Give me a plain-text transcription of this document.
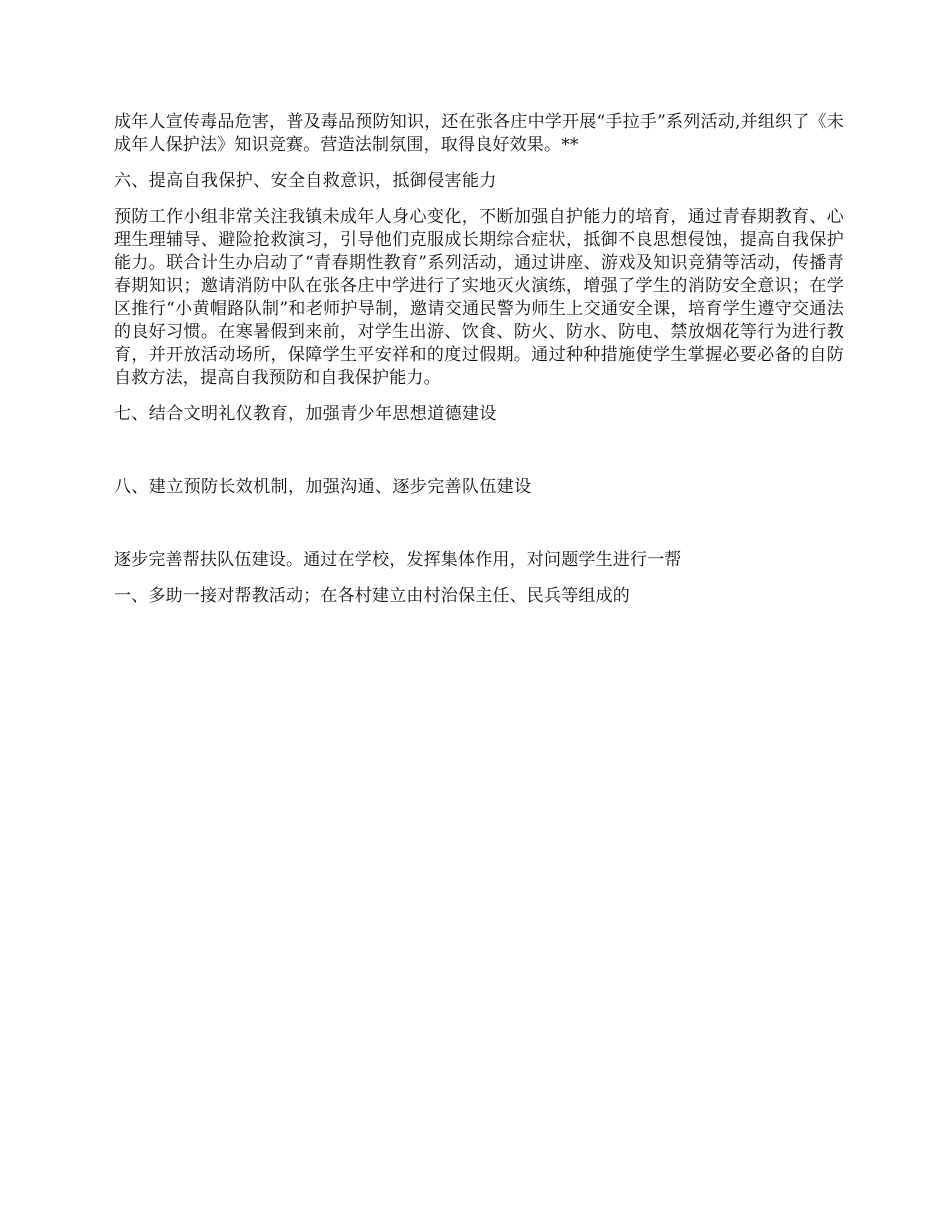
成年人宣传毒品危害，普及毒品预防知识，还在张各庄中学开展“手拉手”系列活动,并组织了《未成年人保护法》知识竞赛。营造法制氛围，取得良好效果。**

六、提高自我保护、安全自救意识，抵御侵害能力

预防工作小组非常关注我镇未成年人身心变化，不断加强自护能力的培育，通过青春期教育、心理生理辅导、避险抢救演习，引导他们克服成长期综合症状，抵御不良思想侵蚀，提高自我保护能力。联合计生办启动了“青春期性教育”系列活动，通过讲座、游戏及知识竞猜等活动，传播青春期知识；邀请消防中队在张各庄中学进行了实地灭火演练，增强了学生的消防安全意识；在学区推行“小黄帽路队制”和老师护导制，邀请交通民警为师生上交通安全课，培育学生遵守交通法的良好习惯。在寒暑假到来前，对学生出游、饮食、防火、防水、防电、禁放烟花等行为进行教育，并开放活动场所，保障学生平安祥和的度过假期。通过种种措施使学生掌握必要必备的自防自救方法，提高自我预防和自我保护能力。

七、结合文明礼仪教育，加强青少年思想道德建设

八、建立预防长效机制，加强沟通、逐步完善队伍建设

逐步完善帮扶队伍建设。通过在学校，发挥集体作用，对问题学生进行一帮

一、多助一接对帮教活动；在各村建立由村治保主任、民兵等组成的
